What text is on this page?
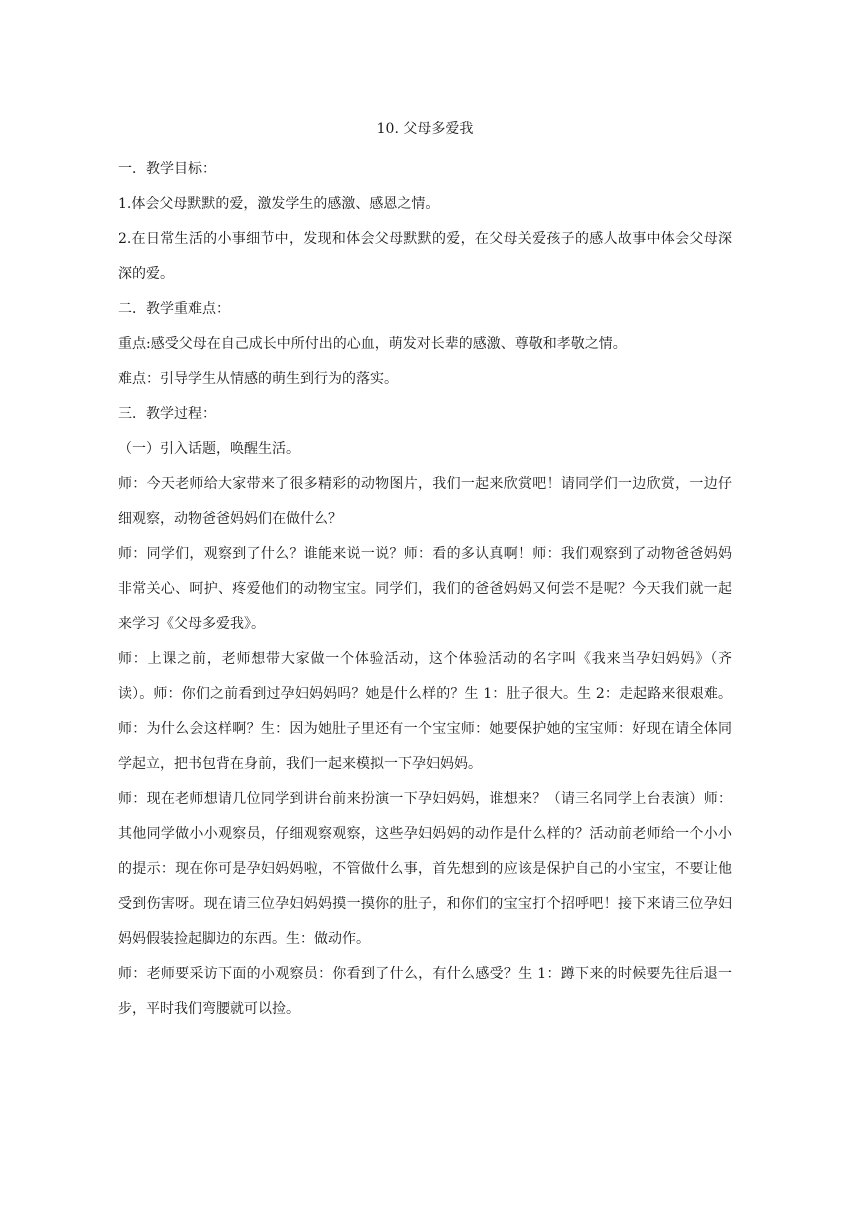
10. 父母多爱我

一．教学目标：

1.体会父母默默的爱，激发学生的感激、感恩之情。

2.在日常生活的小事细节中，发现和体会父母默默的爱，在父母关爱孩子的感人故事中体会父母深深的爱。

二．教学重难点：

重点:感受父母在自己成长中所付出的心血，萌发对长辈的感激、尊敬和孝敬之情。

难点：引导学生从情感的萌生到行为的落实。

三．教学过程：

（一）引入话题，唤醒生活。

师：今天老师给大家带来了很多精彩的动物图片，我们一起来欣赏吧！请同学们一边欣赏，一边仔细观察，动物爸爸妈妈们在做什么？

师：同学们，观察到了什么？谁能来说一说？师：看的多认真啊！师：我们观察到了动物爸爸妈妈非常关心、呵护、疼爱他们的动物宝宝。同学们，我们的爸爸妈妈又何尝不是呢？今天我们就一起来学习《父母多爱我》。

师：上课之前，老师想带大家做一个体验活动，这个体验活动的名字叫《我来当孕妇妈妈》（齐读）。师：你们之前看到过孕妇妈妈吗？她是什么样的？生 1：肚子很大。生 2：走起路来很艰难。师：为什么会这样啊？生：因为她肚子里还有一个宝宝师：她要保护她的宝宝师：好现在请全体同学起立，把书包背在身前，我们一起来模拟一下孕妇妈妈。

师：现在老师想请几位同学到讲台前来扮演一下孕妇妈妈，谁想来？（请三名同学上台表演）师：其他同学做小小观察员，仔细观察观察，这些孕妇妈妈的动作是什么样的？活动前老师给一个小小的提示：现在你可是孕妇妈妈啦，不管做什么事，首先想到的应该是保护自己的小宝宝，不要让他受到伤害呀。现在请三位孕妇妈妈摸一摸你的肚子，和你们的宝宝打个招呼吧！接下来请三位孕妇妈妈假装捡起脚边的东西。生：做动作。

师：老师要采访下面的小观察员：你看到了什么，有什么感受？生 1：蹲下来的时候要先往后退一步，平时我们弯腰就可以捡。
